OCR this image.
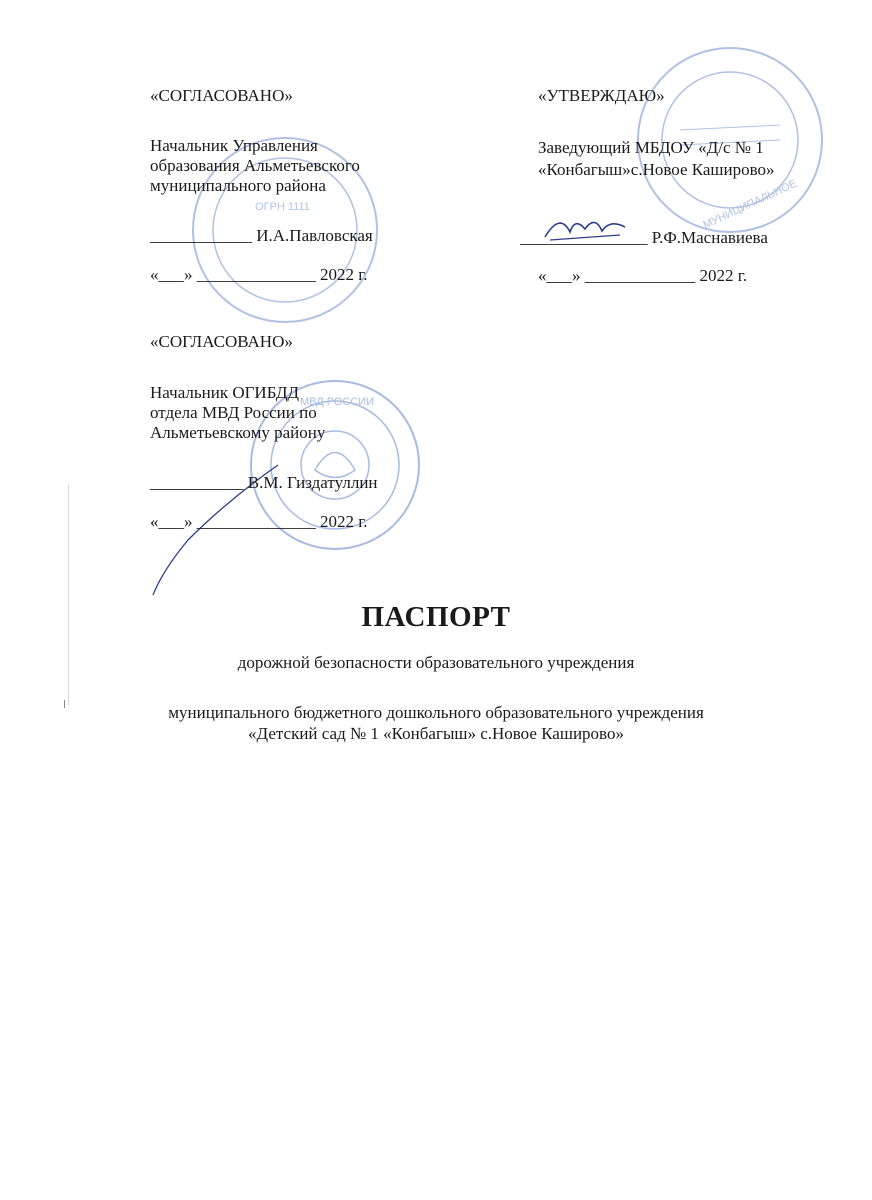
ОГРН 1111	МУНИЦИПАЛЬНОЕ
МВД РОССИИ
«СОГЛАСОВАНО»
Начальник Управления
образования Альметьевского
муниципального района
____________ И.А.Павловская
«___» ______________ 2022 г.
«УТВЕРЖДАЮ»
Заведующий МБДОУ «Д/с № 1
«Конбагыш»с.Новое Каширово»
_______________ Р.Ф.Маснавиева
«___» _____________ 2022 г.
«СОГЛАСОВАНО»
Начальник ОГИБДД
отдела МВД России по
Альметьевскому району
___________ В.М. Гиздатуллин
«___» ______________ 2022 г.
ПАСПОРТ
дорожной безопасности образовательного учреждения
муниципального бюджетного дошкольного образовательного учреждения
«Детский сад № 1 «Конбагыш» с.Новое Каширово»
